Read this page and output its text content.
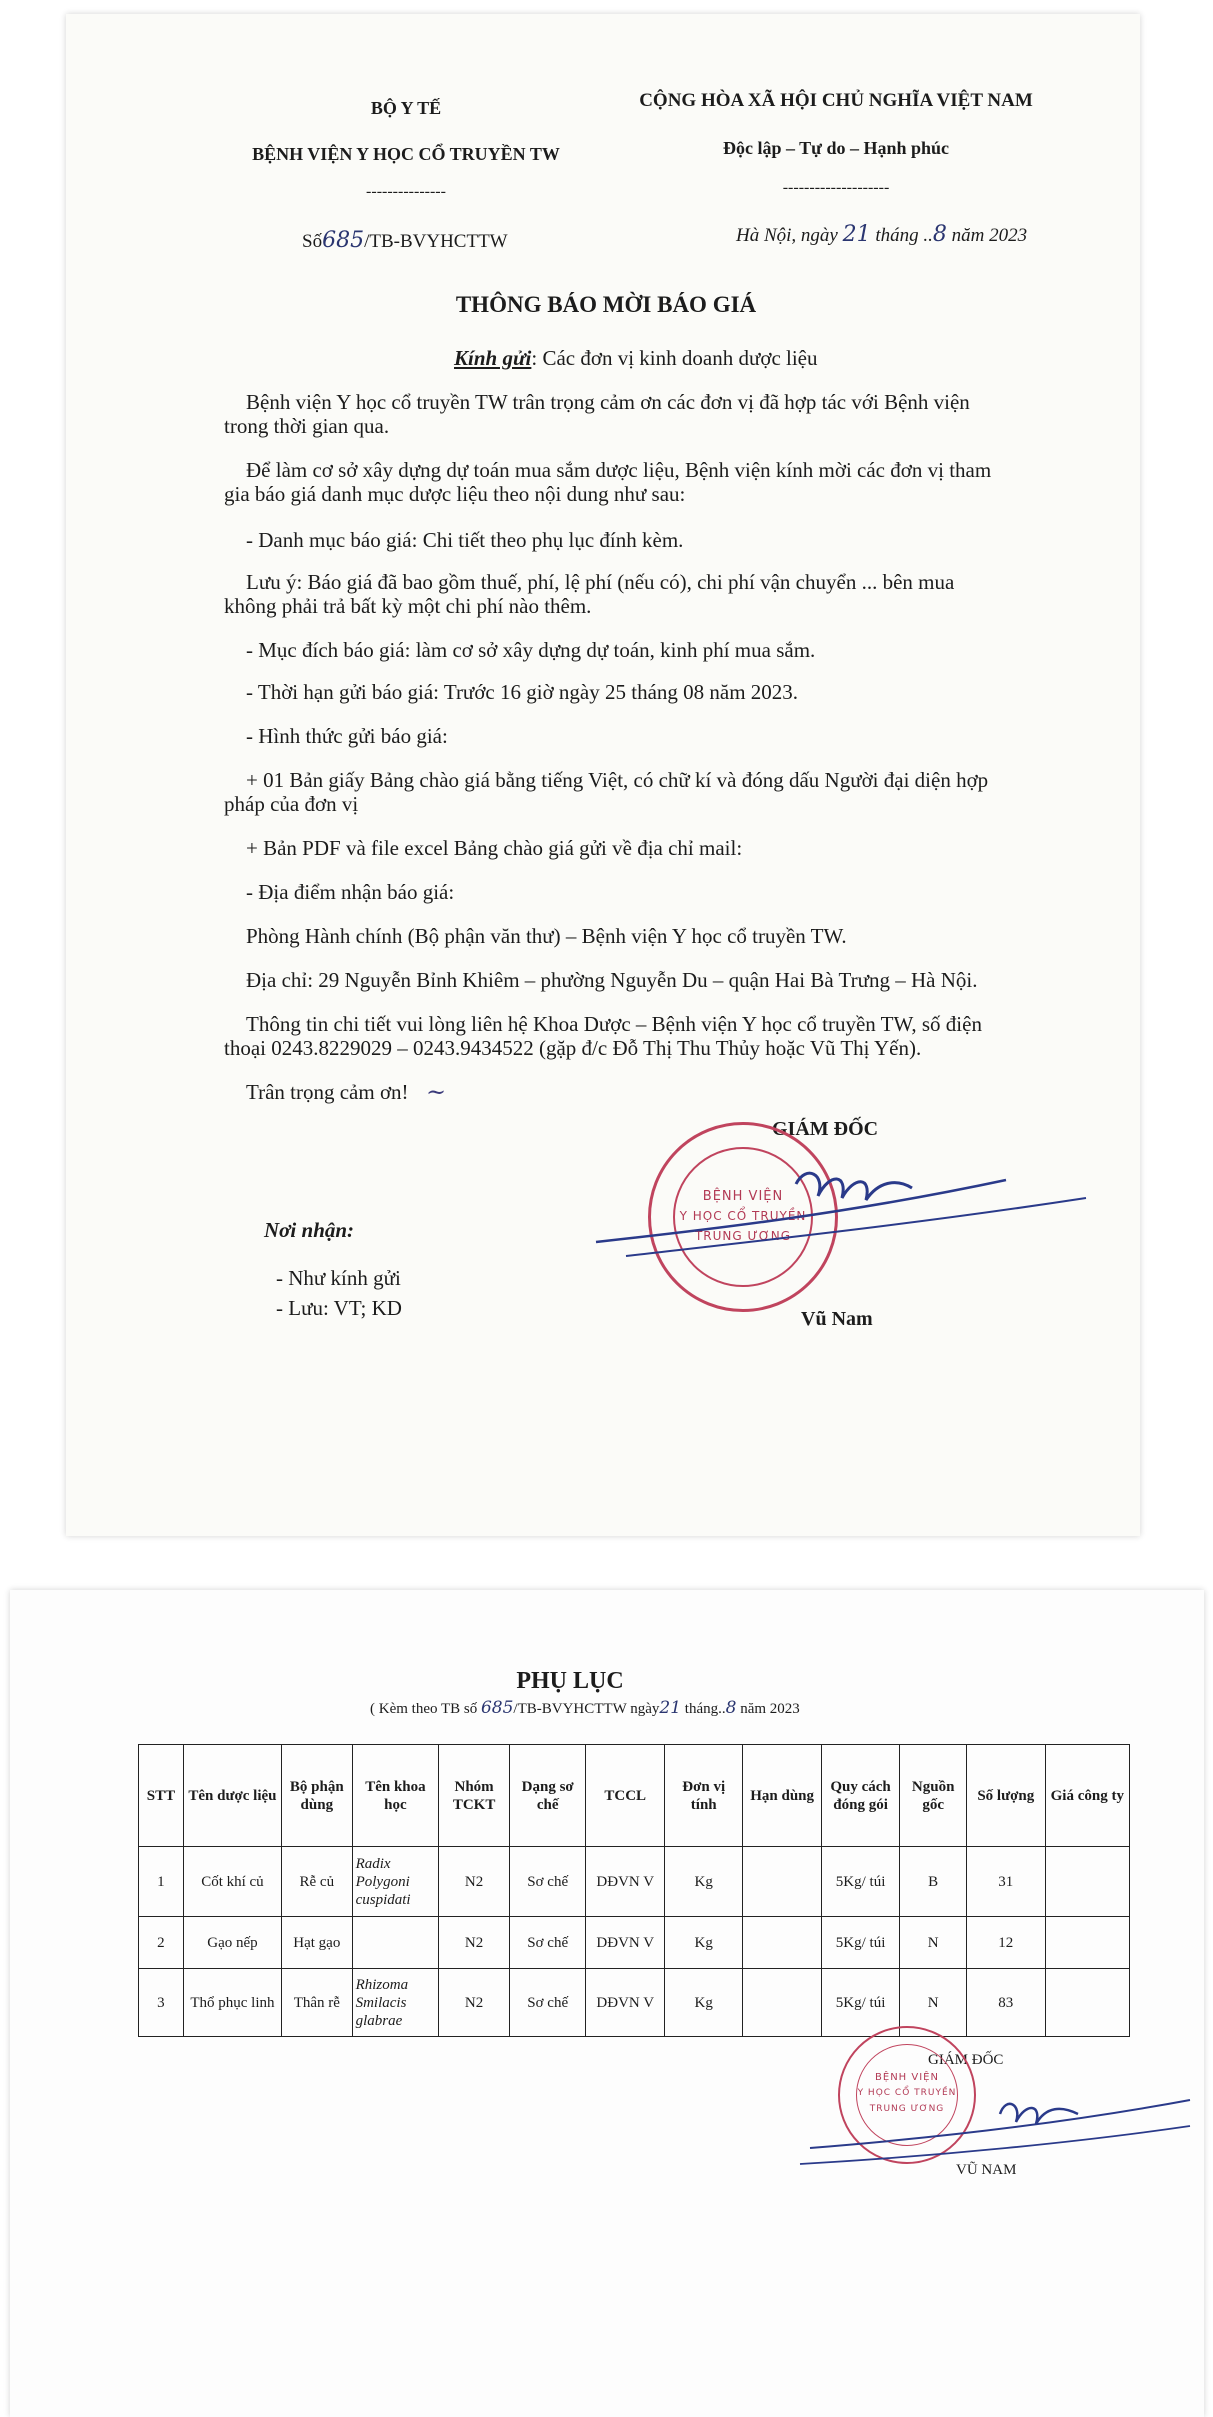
BỘ Y TẾ
BỆNH VIỆN Y HỌC CỔ TRUYỀN TW
---------------
CỘNG HÒA XÃ HỘI CHỦ NGHĨA VIỆT NAM
Độc lập – Tự do – Hạnh phúc
--------------------
Số685/TB-BVYHCTTW	Hà Nội, ngày 21 tháng ..8 năm 2023
THÔNG BÁO MỜI BÁO GIÁ
Kính gửi: Các đơn vị kinh doanh dược liệu
Bệnh viện Y học cổ truyền TW trân trọng cảm ơn các đơn vị đã hợp tác với Bệnh viện
trong thời gian qua.
Để làm cơ sở xây dựng dự toán mua sắm dược liệu, Bệnh viện kính mời các đơn vị tham
gia báo giá danh mục dược liệu theo nội dung như sau:
- Danh mục báo giá: Chi tiết theo phụ lục đính kèm.
Lưu ý: Báo giá đã bao gồm thuế, phí, lệ phí (nếu có), chi phí vận chuyển ... bên mua
không phải trả bất kỳ một chi phí nào thêm.
- Mục đích báo giá: làm cơ sở xây dựng dự toán, kinh phí mua sắm.
- Thời hạn gửi báo giá: Trước 16 giờ ngày 25 tháng 08 năm 2023.
- Hình thức gửi báo giá:
+ 01 Bản giấy Bảng chào giá bằng tiếng Việt, có chữ kí và đóng dấu Người đại diện hợp
pháp của đơn vị
+ Bản PDF và file excel Bảng chào giá gửi về địa chỉ mail:
- Địa điểm nhận báo giá:
Phòng Hành chính (Bộ phận văn thư) – Bệnh viện Y học cổ truyền TW.
Địa chỉ: 29 Nguyễn Bỉnh Khiêm – phường Nguyễn Du – quận Hai Bà Trưng – Hà Nội.
Thông tin chi tiết vui lòng liên hệ Khoa Dược – Bệnh viện Y học cổ truyền TW, số điện
thoại 0243.8229029 – 0243.9434522 (gặp đ/c Đỗ Thị Thu Thủy hoặc Vũ Thị Yến).
Trân trọng cảm ơn! ~
Nơi nhận:
- Như kính gửi
- Lưu: VT; KD
GIÁM ĐỐC
BỆNH VIỆN
Y HỌC CỔ TRUYỀN
TRUNG ƯƠNG
Vũ Nam
PHỤ LỤC
( Kèm theo TB số 685/TB-BVYHCTTW ngày21 tháng..8 năm 2023
STT	Tên dược liệu	Bộ phận dùng	Tên khoa học	Nhóm TCKT	Dạng sơ chế	TCCL	Đơn vị tính	Hạn dùng	Quy cách đóng gói	Nguồn gốc	Số lượng	Giá công ty
1	Cốt khí củ	Rễ củ	Radix Polygoni cuspidati	N2	Sơ chế	DĐVN V	Kg		5Kg/ túi	B	31	
2	Gạo nếp	Hạt gạo		N2	Sơ chế	DĐVN V	Kg		5Kg/ túi	N	12	
3	Thổ phục linh	Thân rễ	Rhizoma Smilacis glabrae	N2	Sơ chế	DĐVN V	Kg		5Kg/ túi	N	83	
GIÁM ĐỐC
BỆNH VIỆN
Y HỌC CỔ TRUYỀN
TRUNG ƯƠNG
VŨ NAM
